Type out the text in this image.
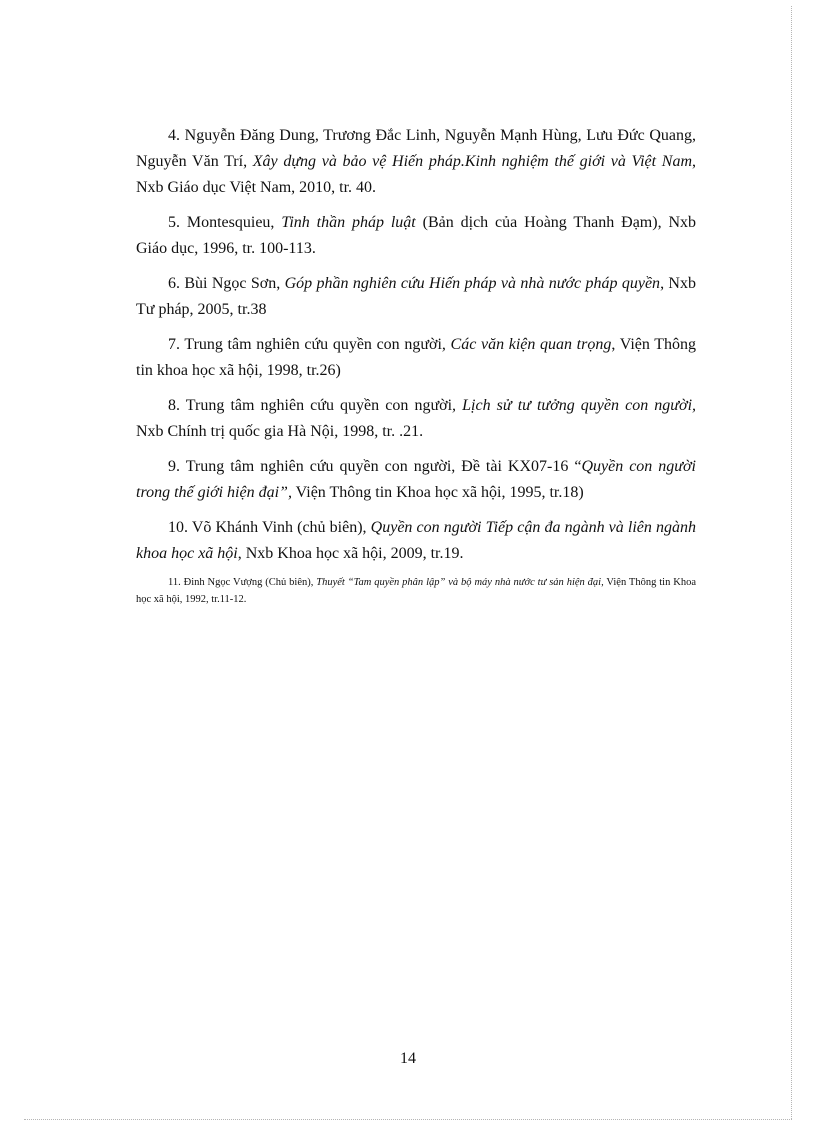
4. Nguyễn Đăng Dung, Trương Đắc Linh, Nguyễn Mạnh Hùng, Lưu Đức Quang, Nguyễn Văn Trí, Xây dựng và bảo vệ Hiến pháp.Kinh nghiệm thế giới và Việt Nam, Nxb Giáo dục Việt Nam, 2010, tr. 40.

5. Montesquieu, Tinh thần pháp luật (Bản dịch của Hoàng Thanh Đạm), Nxb Giáo dục, 1996, tr. 100-113.

6. Bùi Ngọc Sơn, Góp phần nghiên cứu Hiến pháp và nhà nước pháp quyền, Nxb Tư pháp, 2005, tr.38

7. Trung tâm nghiên cứu quyền con người, Các văn kiện quan trọng, Viện Thông tin khoa học xã hội, 1998, tr.26)

8. Trung tâm nghiên cứu quyền con người, Lịch sử tư tưởng quyền con người, Nxb Chính trị quốc gia Hà Nội, 1998, tr. .21.

9. Trung tâm nghiên cứu quyền con người, Đề tài KX07-16 “Quyền con người trong thế giới hiện đại”, Viện Thông tin Khoa học xã hội, 1995, tr.18)

10. Võ Khánh Vinh (chủ biên), Quyền con người Tiếp cận đa ngành và liên ngành khoa học xã hội, Nxb Khoa học xã hội, 2009, tr.19.

11. Đinh Ngọc Vượng (Chủ biên), Thuyết “Tam quyền phân lập” và bộ máy nhà nước tư sản hiện đại, Viện Thông tin Khoa học xã hội, 1992, tr.11-12.

14
